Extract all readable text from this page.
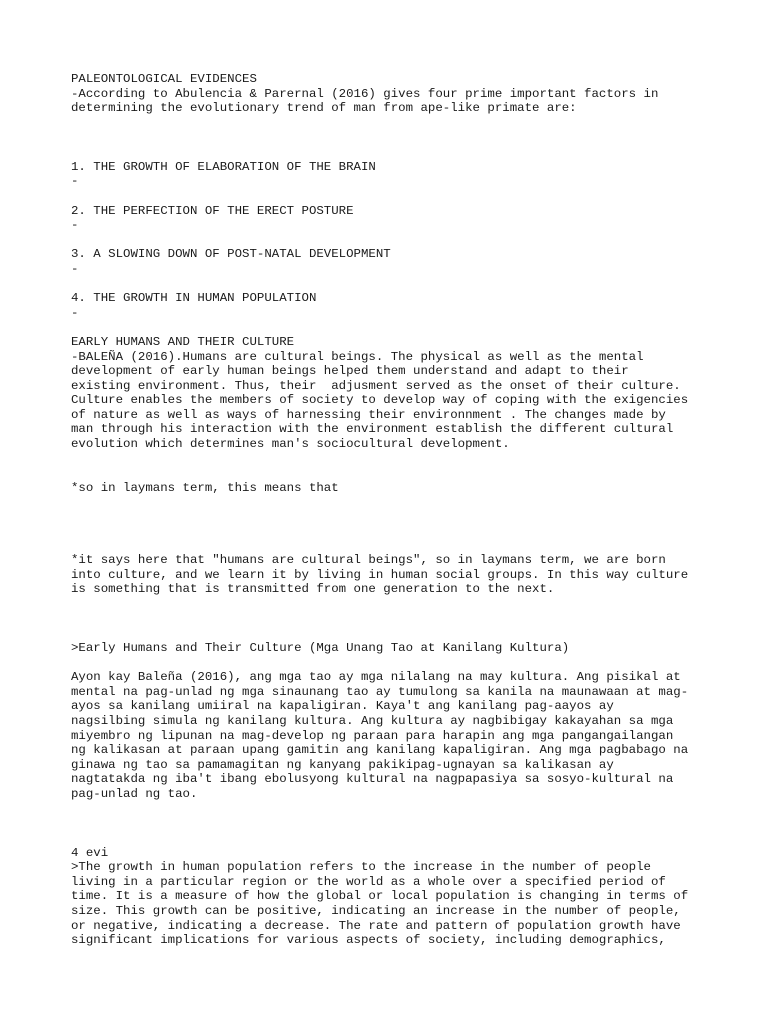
PALEONTOLOGICAL EVIDENCES
-According to Abulencia & Parernal (2016) gives four prime important factors in
determining the evolutionary trend of man from ape-like primate are:
1. THE GROWTH OF ELABORATION OF THE BRAIN
-
2. THE PERFECTION OF THE ERECT POSTURE
-
3. A SLOWING DOWN OF POST-NATAL DEVELOPMENT
-
4. THE GROWTH IN HUMAN POPULATION
-
EARLY HUMANS AND THEIR CULTURE
-BALEÑA (2016).Humans are cultural beings. The physical as well as the mental
development of early human beings helped them understand and adapt to their
existing environment. Thus, their  adjusment served as the onset of their culture.
Culture enables the members of society to develop way of coping with the exigencies
of nature as well as ways of harnessing their environnment . The changes made by
man through his interaction with the environment establish the different cultural
evolution which determines man's sociocultural development.
*so in laymans term, this means that
*it says here that "humans are cultural beings", so in laymans term, we are born
into culture, and we learn it by living in human social groups. In this way culture
is something that is transmitted from one generation to the next.
>Early Humans and Their Culture (Mga Unang Tao at Kanilang Kultura)
Ayon kay Baleña (2016), ang mga tao ay mga nilalang na may kultura. Ang pisikal at
mental na pag-unlad ng mga sinaunang tao ay tumulong sa kanila na maunawaan at mag-
ayos sa kanilang umiiral na kapaligiran. Kaya't ang kanilang pag-aayos ay
nagsilbing simula ng kanilang kultura. Ang kultura ay nagbibigay kakayahan sa mga
miyembro ng lipunan na mag-develop ng paraan para harapin ang mga pangangailangan
ng kalikasan at paraan upang gamitin ang kanilang kapaligiran. Ang mga pagbabago na
ginawa ng tao sa pamamagitan ng kanyang pakikipag-ugnayan sa kalikasan ay
nagtatakda ng iba't ibang ebolusyong kultural na nagpapasiya sa sosyo-kultural na
pag-unlad ng tao.
4 evi
>The growth in human population refers to the increase in the number of people
living in a particular region or the world as a whole over a specified period of
time. It is a measure of how the global or local population is changing in terms of
size. This growth can be positive, indicating an increase in the number of people,
or negative, indicating a decrease. The rate and pattern of population growth have
significant implications for various aspects of society, including demographics,
